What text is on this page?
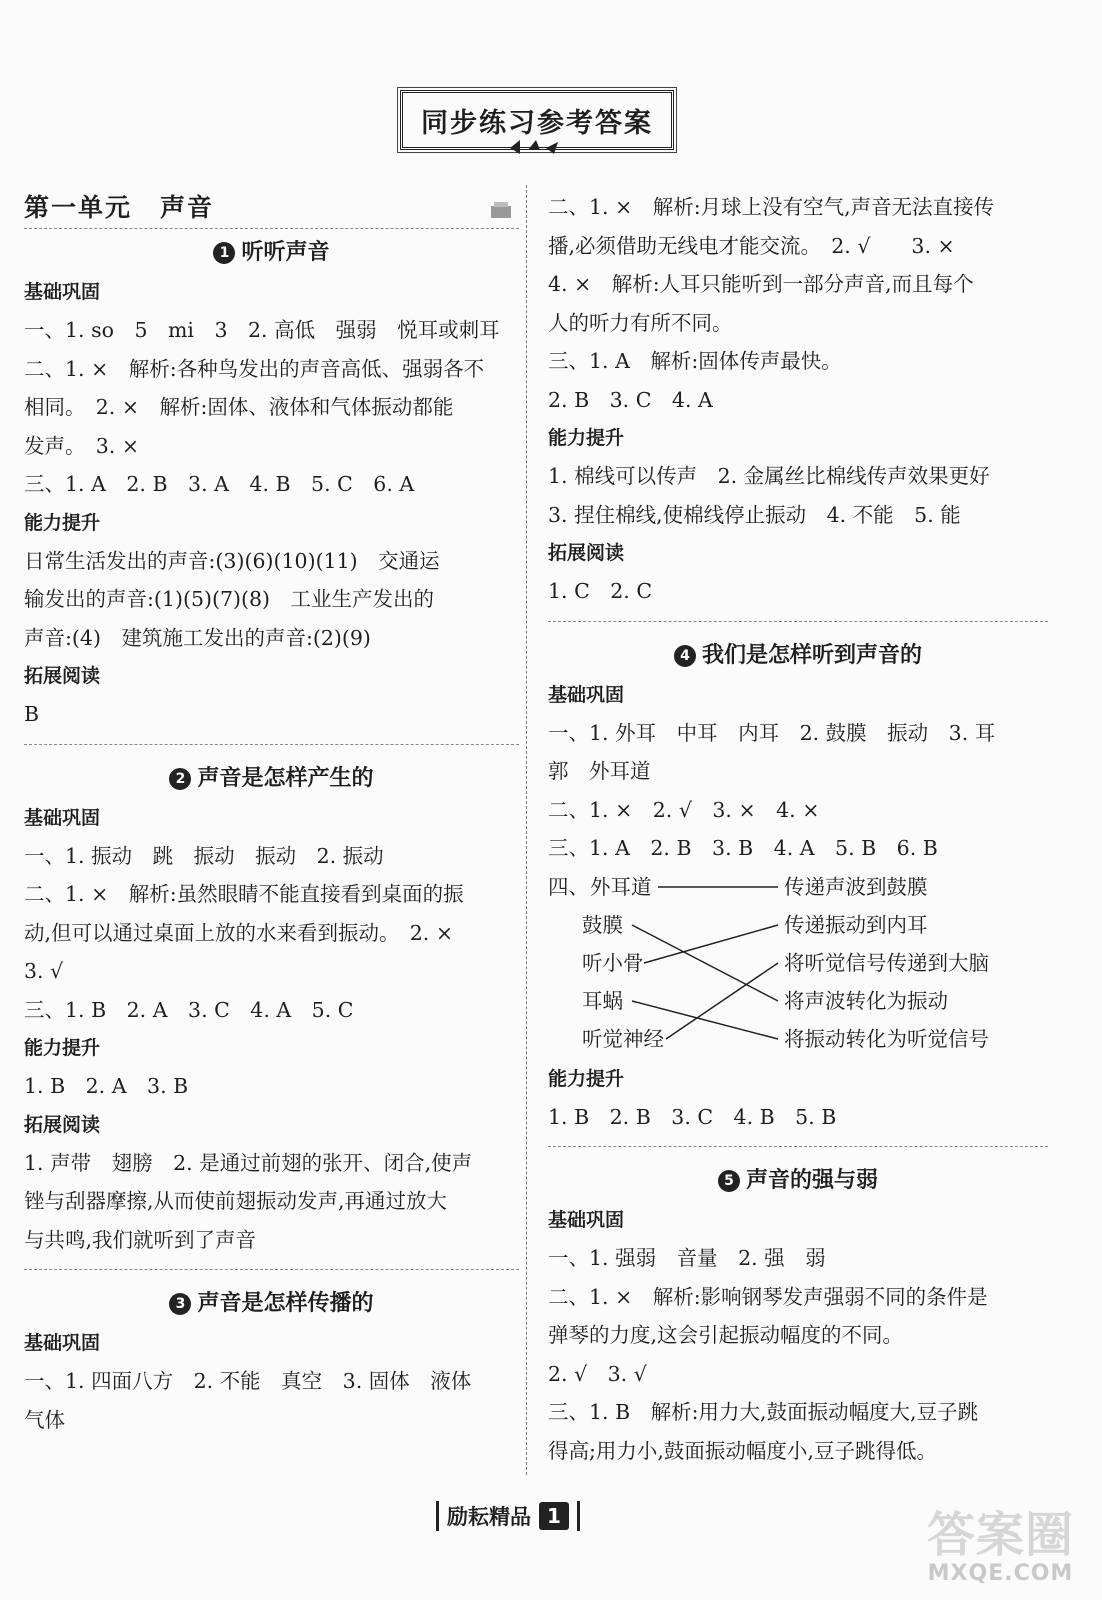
同步练习参考答案
第一单元 声音
1 听听声音
基础巩固
一、1. so　5　mi　3　2. 高低　强弱　悦耳或刺耳
二、1. ×　解析:各种鸟发出的声音高低、强弱各不
相同。　2. ×　解析:固体、液体和气体振动都能
发声。　3. ×
三、1. A　2. B　3. A　4. B　5. C　6. A
能力提升
日常生活发出的声音:(3)(6)(10)(11)　交通运
输发出的声音:(1)(5)(7)(8)　工业生产发出的
声音:(4)　建筑施工发出的声音:(2)(9)
拓展阅读
B
2 声音是怎样产生的
基础巩固
一、1. 振动　跳　振动　振动　2. 振动
二、1. ×　解析:虽然眼睛不能直接看到桌面的振
动,但可以通过桌面上放的水来看到振动。　2. ×
3. √
三、1. B　2. A　3. C　4. A　5. C
能力提升
1. B　2. A　3. B
拓展阅读
1. 声带　翅膀　2. 是通过前翅的张开、闭合,使声
锉与刮器摩擦,从而使前翅振动发声,再通过放大
与共鸣,我们就听到了声音
3 声音是怎样传播的
基础巩固
一、1. 四面八方　2. 不能　真空　3. 固体　液体
气体
二、1. ×　解析:月球上没有空气,声音无法直接传
播,必须借助无线电才能交流。　2. √　　3. ×
4. ×　解析:人耳只能听到一部分声音,而且每个
人的听力有所不同。
三、1. A　解析:固体传声最快。
2. B　3. C　4. A
能力提升
1. 棉线可以传声　2. 金属丝比棉线传声效果更好
3. 捏住棉线,使棉线停止振动　4. 不能　5. 能
拓展阅读
1. C　2. C
4 我们是怎样听到声音的
基础巩固
一、1. 外耳　中耳　内耳　2. 鼓膜　振动　3. 耳
郭　外耳道
二、1. ×　2. √　3. ×　4. ×
三、1. A　2. B　3. B　4. A　5. B　6. B
四、 外耳道
鼓膜
听小骨
耳蜗
听觉神经
传递声波到鼓膜
传递振动到内耳
将听觉信号传递到大脑
将声波转化为振动
将振动转化为听觉信号
能力提升
1. B　2. B　3. C　4. B　5. B
5 声音的强与弱
基础巩固
一、1. 强弱　音量　2. 强　弱
二、1. ×　解析:影响钢琴发声强弱不同的条件是
弹琴的力度,这会引起振动幅度的不同。
2. √　3. √
三、1. B　解析:用力大,鼓面振动幅度大,豆子跳
得高;用力小,鼓面振动幅度小,豆子跳得低。
励耘精品 1	答案圈
MXQE.COM
